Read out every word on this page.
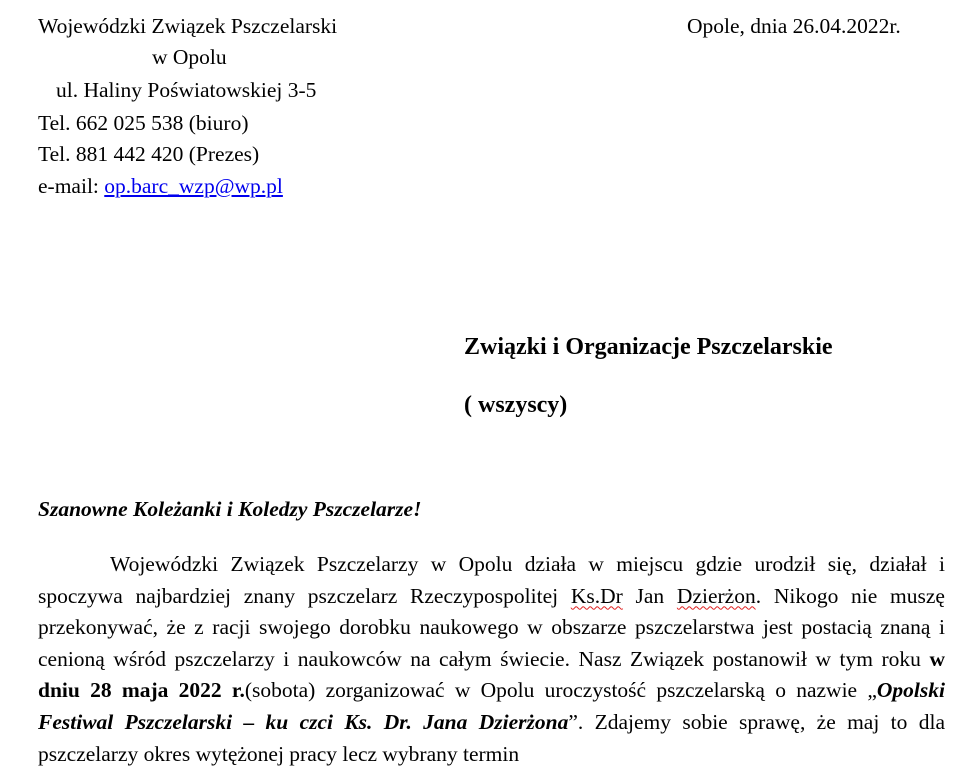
Wojewódzki Związek Pszczelarski
w Opolu
ul. Haliny Poświatowskiej 3-5
Tel. 662 025 538 (biuro)
Tel. 881 442 420 (Prezes)
e-mail: op.barc_wzp@wp.pl
Opole, dnia 26.04.2022r.
Związki i Organizacje Pszczelarskie
( wszyscy)
Szanowne Koleżanki i Koledzy Pszczelarze!

Wojewódzki Związek Pszczelarzy w Opolu działa w miejscu gdzie urodził się, działał i spoczywa najbardziej znany pszczelarz Rzeczypospolitej Ks.Dr Jan Dzierżon. Nikogo nie muszę przekonywać, że z racji swojego dorobku naukowego w obszarze pszczelarstwa jest postacią znaną i cenioną wśród pszczelarzy i naukowców na całym świecie. Nasz Związek postanowił w tym roku w dniu 28 maja 2022 r.(sobota) zorganizować w Opolu uroczystość pszczelarską o nazwie „Opolski Festiwal Pszczelarski – ku czci Ks. Dr. Jana Dzierżona”. Zdajemy sobie sprawę, że maj to dla pszczelarzy okres wytężonej pracy lecz wybrany termin
